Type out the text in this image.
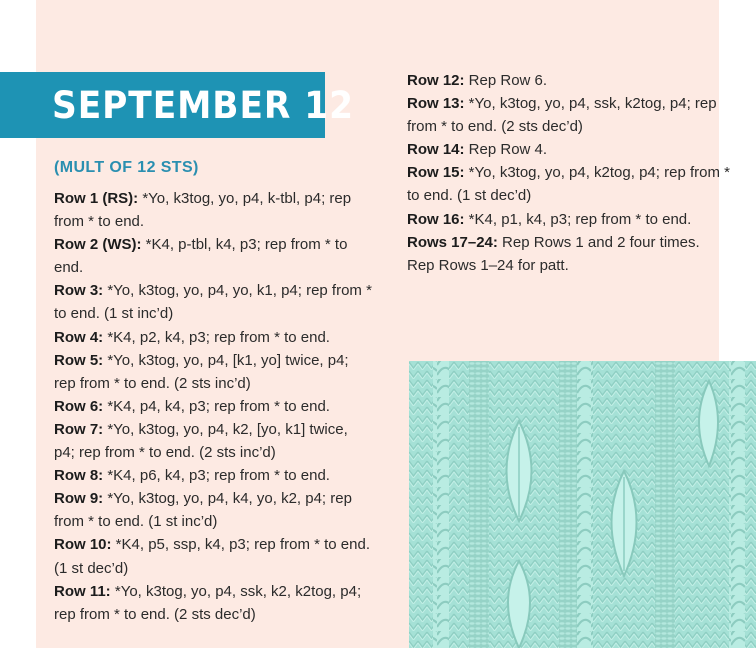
SEPTEMBER 12
(MULT OF 12 STS)

Row 1 (RS): *Yo, k3tog, yo, p4, k-tbl, p4; rep from * to end.

Row 2 (WS): *K4, p-tbl, k4, p3; rep from * to end.

Row 3: *Yo, k3tog, yo, p4, yo, k1, p4; rep from * to end. (1 st inc’d)

Row 4: *K4, p2, k4, p3; rep from * to end.

Row 5: *Yo, k3tog, yo, p4, [k1, yo] twice, p4; rep from * to end. (2 sts inc’d)

Row 6: *K4, p4, k4, p3; rep from * to end.

Row 7: *Yo, k3tog, yo, p4, k2, [yo, k1] twice, p4; rep from * to end. (2 sts inc’d)

Row 8: *K4, p6, k4, p3; rep from * to end.

Row 9: *Yo, k3tog, yo, p4, k4, yo, k2, p4; rep from * to end. (1 st inc’d)

Row 10: *K4, p5, ssp, k4, p3; rep from * to end. (1 st dec’d)

Row 11: *Yo, k3tog, yo, p4, ssk, k2, k2tog, p4; rep from * to end. (2 sts dec’d)

Row 12: Rep Row 6.

Row 13: *Yo, k3tog, yo, p4, ssk, k2tog, p4; rep from * to end. (2 sts dec’d)

Row 14: Rep Row 4.

Row 15: *Yo, k3tog, yo, p4, k2tog, p4; rep from * to end. (1 st dec’d)

Row 16: *K4, p1, k4, p3; rep from * to end.

Rows 17–24: Rep Rows 1 and 2 four times.

Rep Rows 1–24 for patt.
